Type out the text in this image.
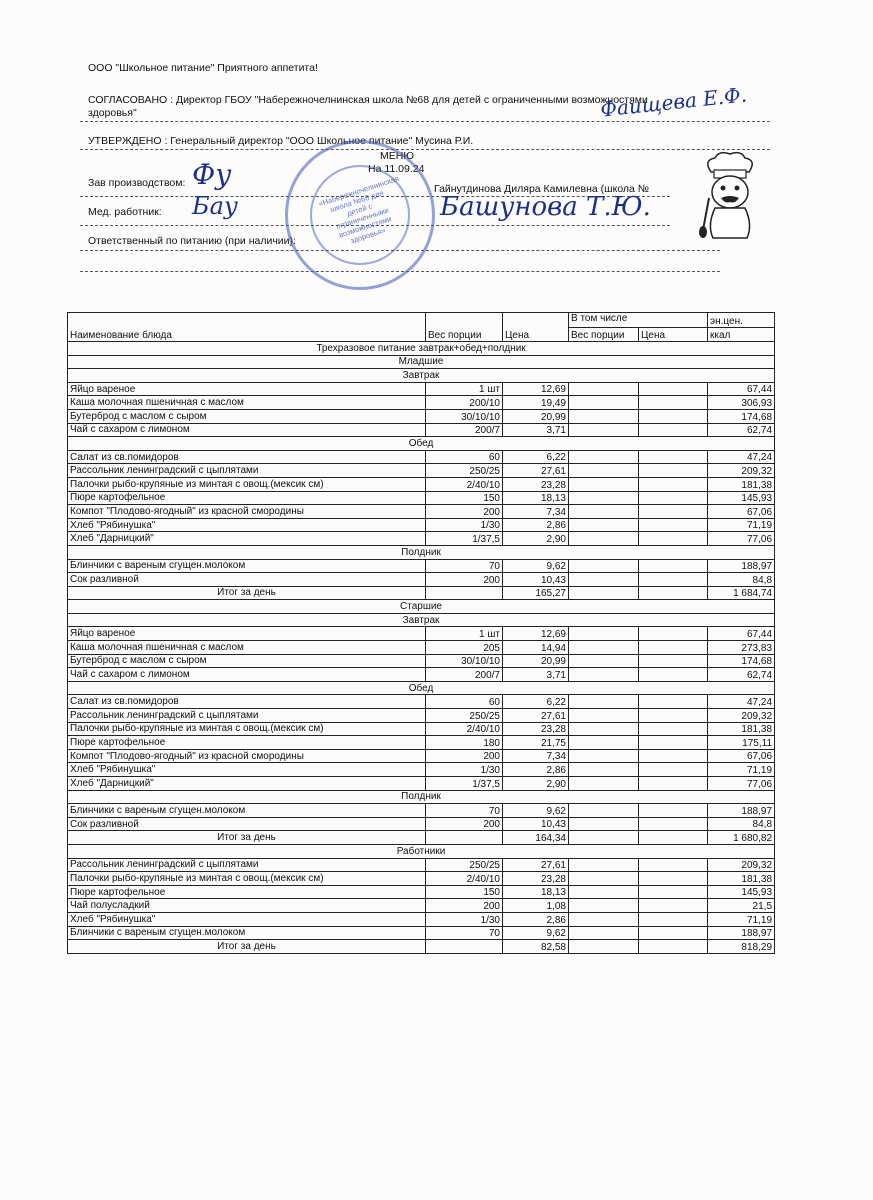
ООО "Школьное питание" Приятного аппетита!
СОГЛАСОВАНО : Директор ГБОУ "Набережночелнинская школа №68 для детей с ограниченными возможностями
здоровья"
УТВЕРЖДЕНО : Генеральный директор "ООО Школьное питание" Мусина Р.И.
МЕНЮ
На 11.09.24
Зав производством:	Гайнутдинова Диляра Камилевна (школа №
Мед. работник:
Ответственный по питанию (при наличии):
Фу
Бау
Фаищева Е.Ф.
Башунова Т.Ю.
«Набережночелнинская школа №68 для детей с ограниченными возможностями здоровья»
Наименование блюда	Вес порции	Цена	В том числе		эн.цен.
			Вес порции	Цена	ккал
Трехразовое питание завтрак+обед+полдник					
Младшие					
Завтрак					
Яйцо вареное	1 шт	12,69			67,44
Каша молочная пшеничная с маслом	200/10	19,49			306,93
Бутерброд с маслом с сыром	30/10/10	20,99			174,68
Чай с сахаром с лимоном	200/7	3,71			62,74
Обед					
Салат из св.помидоров	60	6,22			47,24
Рассольник ленинградский с цыплятами	250/25	27,61			209,32
Палочки рыбо-крупяные из минтая с овощ.(мексик см)	2/40/10	23,28			181,38
Пюре картофельное	150	18,13			145,93
Компот "Плодово-ягодный" из красной смородины	200	7,34			67,06
Хлеб "Рябинушка"	1/30	2,86			71,19
Хлеб "Дарницкий"	1/37,5	2,90			77,06
Полдник					
Блинчики с вареным сгущен.молоком	70	9,62			188,97
Сок разливной	200	10,43			84,8
Итог за день		165,27			1 684,74
Старшие					
Завтрак					
Яйцо вареное	1 шт	12,69			67,44
Каша молочная пшеничная с маслом	205	14,94			273,83
Бутерброд с маслом с сыром	30/10/10	20,99			174,68
Чай с сахаром с лимоном	200/7	3,71			62,74
Обед					
Салат из св.помидоров	60	6,22			47,24
Рассольник ленинградский с цыплятами	250/25	27,61			209,32
Палочки рыбо-крупяные из минтая с овощ.(мексик см)	2/40/10	23,28			181,38
Пюре картофельное	180	21,75			175,11
Компот "Плодово-ягодный" из красной смородины	200	7,34			67,06
Хлеб "Рябинушка"	1/30	2,86			71,19
Хлеб "Дарницкий"	1/37,5	2,90			77,06
Полдник					
Блинчики с вареным сгущен.молоком	70	9,62			188,97
Сок разливной	200	10,43			84,8
Итог за день		164,34			1 680,82
Работники					
Рассольник ленинградский с цыплятами	250/25	27,61			209,32
Палочки рыбо-крупяные из минтая с овощ.(мексик см)	2/40/10	23,28			181,38
Пюре картофельное	150	18,13			145,93
Чай полусладкий	200	1,08			21,5
Хлеб "Рябинушка"	1/30	2,86			71,19
Блинчики с вареным сгущен.молоком	70	9,62			188,97
Итог за день		82,58			818,29
